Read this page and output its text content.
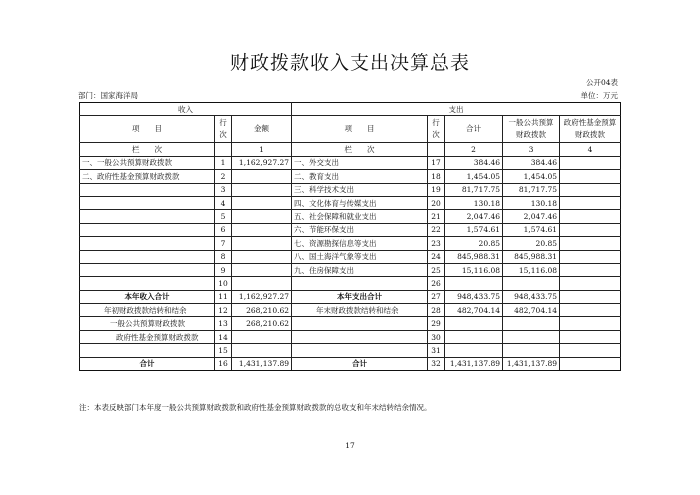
财政拨款收入支出决算总表
公开04表
部门：国家海洋局	单位：万元
收入			支出				
项　　目	行次	金额	项　　目	行次	合计	一般公共预算财政拨款	政府性基金预算财政拨款
栏　　次		1	栏　　次		2	3	4
一、一般公共预算财政拨款	1	1,162,927.27	一、外交支出	17	384.46	384.46	
二、政府性基金预算财政拨款	2		二、教育支出	18	1,454.05	1,454.05	
	3		三、科学技术支出	19	81,717.75	81,717.75	
	4		四、文化体育与传媒支出	20	130.18	130.18	
	5		五、社会保障和就业支出	21	2,047.46	2,047.46	
	6		六、节能环保支出	22	1,574.61	1,574.61	
	7		七、资源勘探信息等支出	23	20.85	20.85	
	8		八、国土海洋气象等支出	24	845,988.31	845,988.31	
	9		九、住房保障支出	25	15,116.08	15,116.08	
	10			26			
本年收入合计	11	1,162,927.27	本年支出合计	27	948,433.75	948,433.75	
年初财政拨款结转和结余	12	268,210.62	年末财政拨款结转和结余	28	482,704.14	482,704.14	
一般公共预算财政拨款	13	268,210.62		29			
政府性基金预算财政拨款	14			30			
	15			31			
合计	16	1,431,137.89	合计	32	1,431,137.89	1,431,137.89	
注：本表反映部门本年度一般公共预算财政拨款和政府性基金预算财政拨款的总收支和年末结转结余情况。
17
